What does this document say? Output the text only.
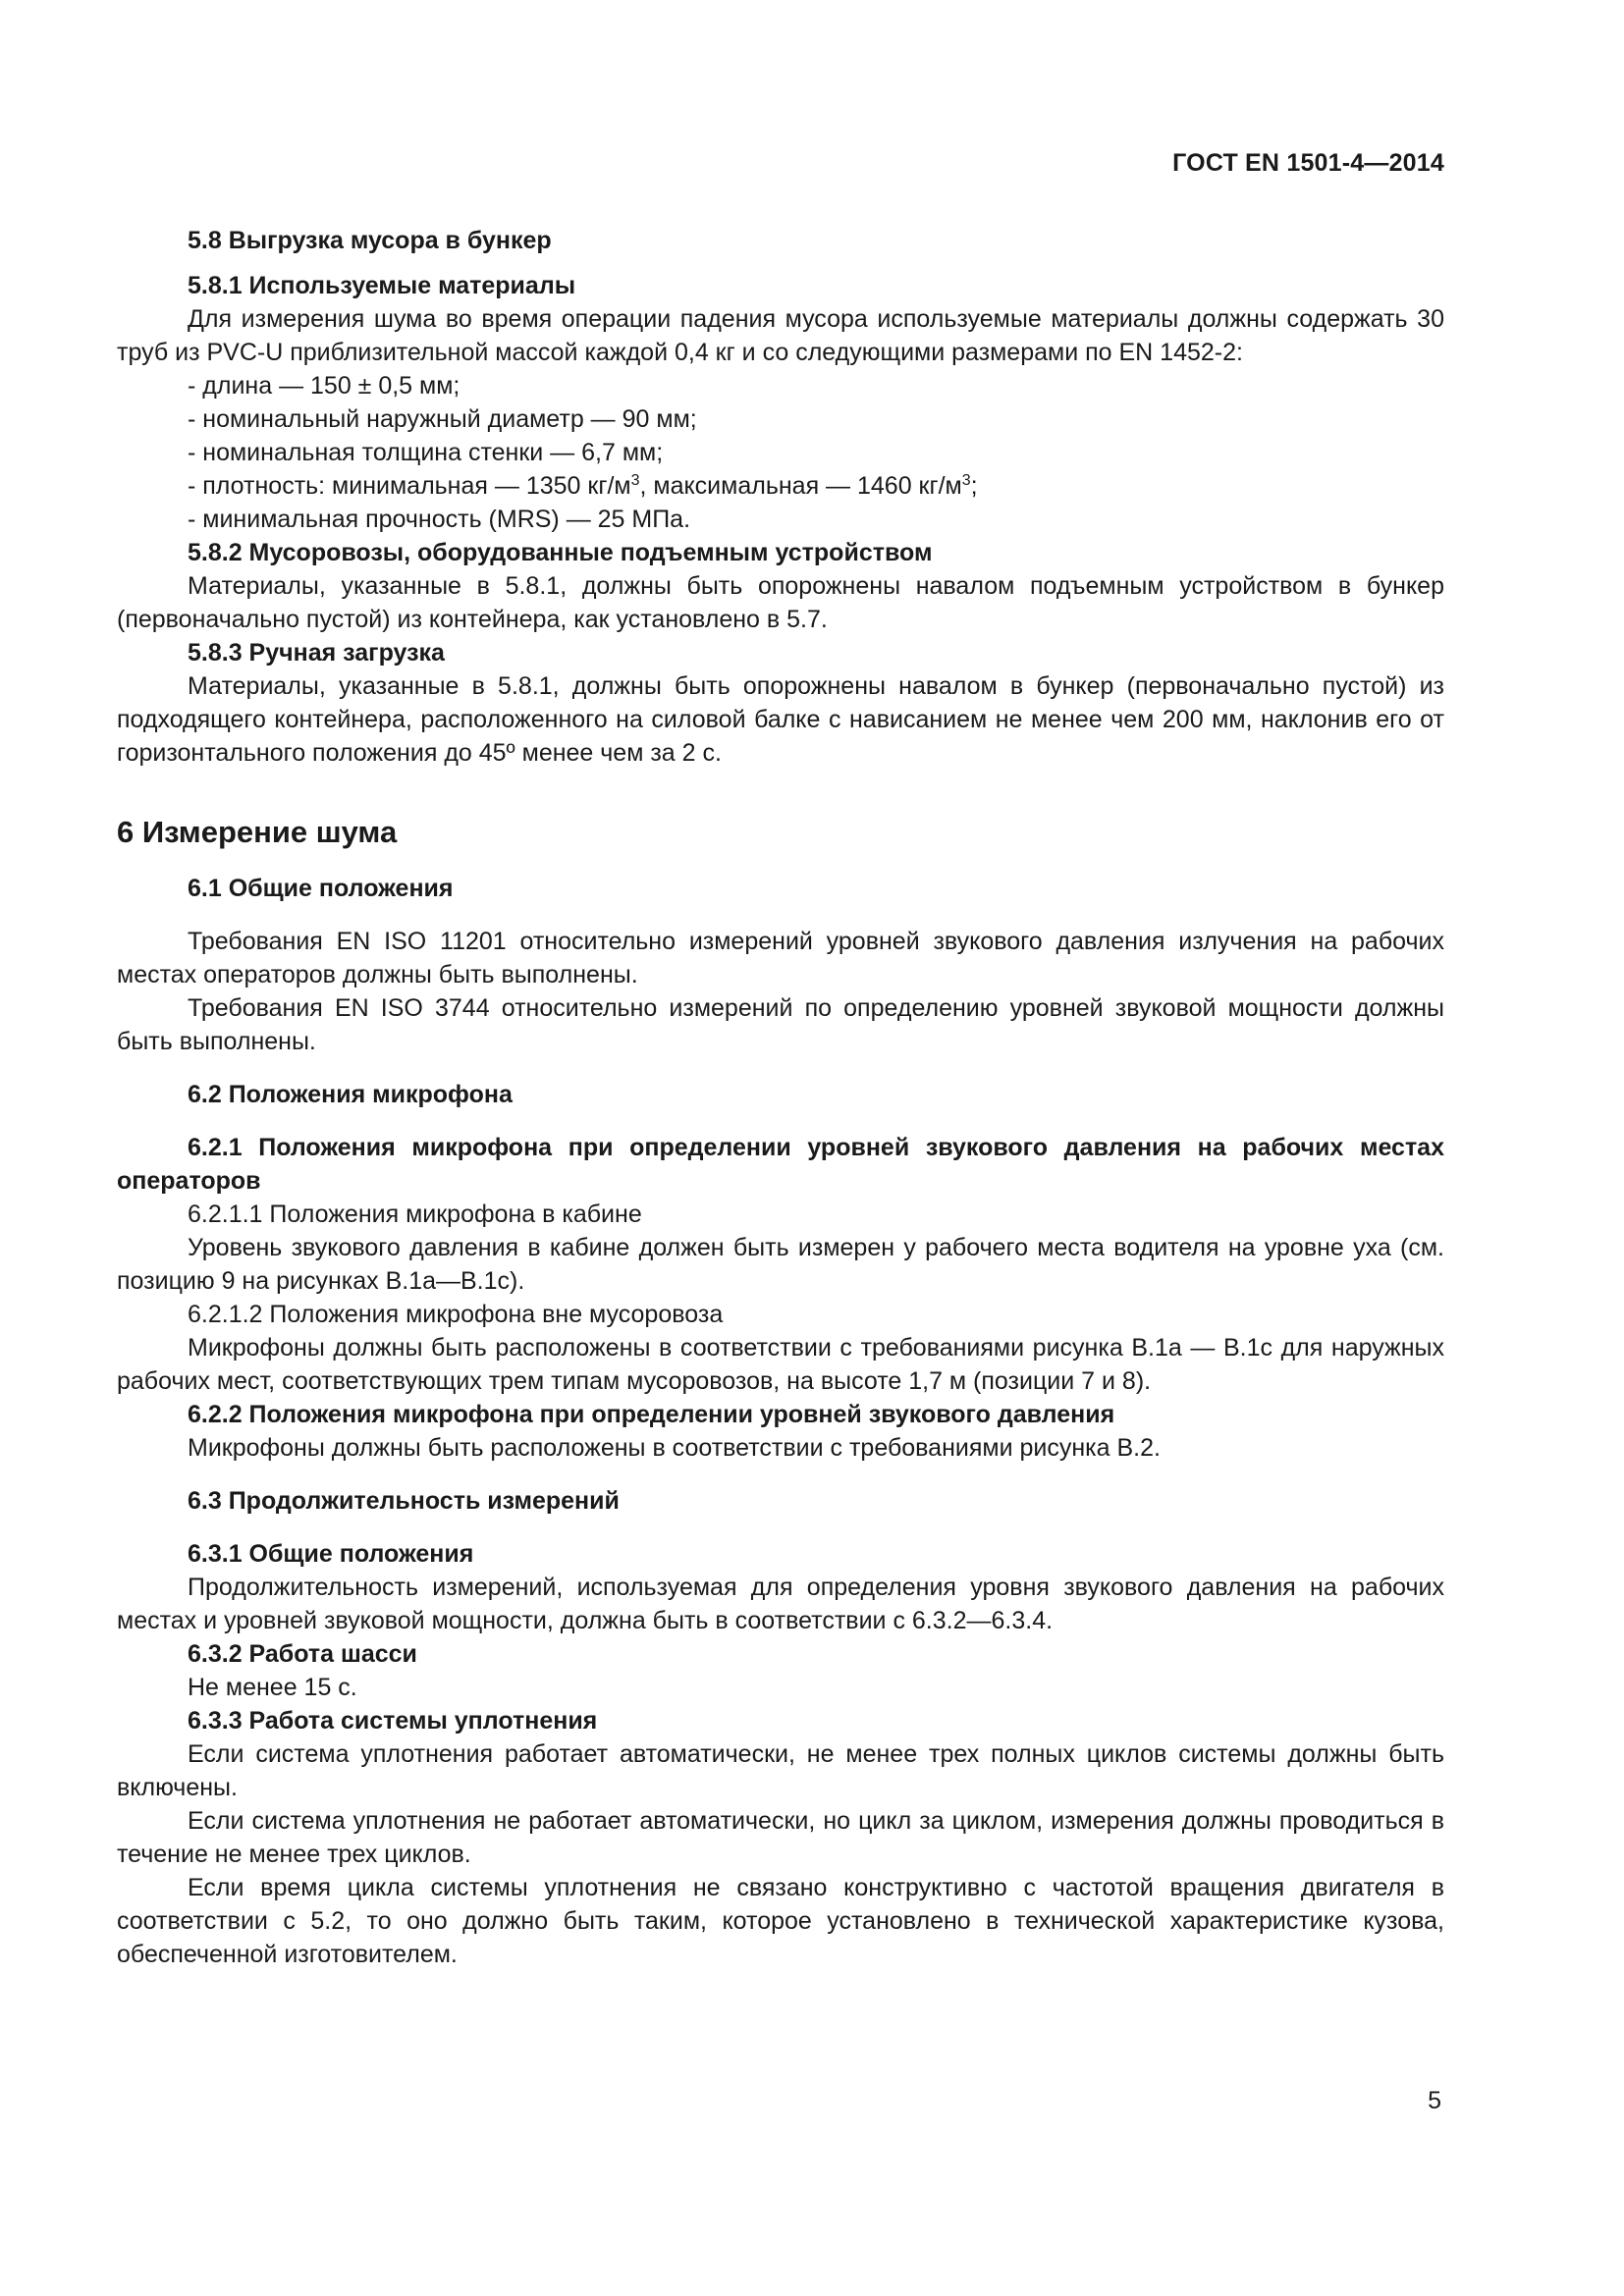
ГОСТ EN 1501-4—2014

5.8 Выгрузка мусора в бункер

5.8.1 Используемые материалы

Для измерения шума во время операции падения мусора используемые материалы должны содержать 30 труб из PVC-U приблизительной массой каждой 0,4 кг и со следующими размерами по EN 1452-2:

- длина — 150 ± 0,5 мм;

- номинальный наружный диаметр — 90 мм;

- номинальная толщина стенки — 6,7 мм;

- плотность: минимальная — 1350 $кг/м^3$, максимальная — 1460 $кг/м^3$;

- минимальная прочность (MRS) — 25 МПа.

5.8.2 Мусоровозы, оборудованные подъемным устройством

Материалы, указанные в 5.8.1, должны быть опорожнены навалом подъемным устройством в бункер (первоначально пустой) из контейнера, как установлено в 5.7.

5.8.3 Ручная загрузка

Материалы, указанные в 5.8.1, должны быть опорожнены навалом в бункер (первоначально пустой) из подходящего контейнера, расположенного на силовой балке с нависанием не менее чем 200 мм, наклонив его от горизонтального положения до 45º менее чем за 2 с.

6 Измерение шума

6.1 Общие положения

Требования EN ISO 11201 относительно измерений уровней звукового давления излучения на рабочих местах операторов должны быть выполнены.

Требования EN ISO 3744 относительно измерений по определению уровней звуковой мощности должны быть выполнены.

6.2 Положения микрофона

6.2.1 Положения микрофона при определении уровней звукового давления на рабочих местах операторов

6.2.1.1 Положения микрофона в кабине

Уровень звукового давления в кабине должен быть измерен у рабочего места водителя на уровне уха (см. позицию 9 на рисунках В.1а—В.1с).

6.2.1.2 Положения микрофона вне мусоровоза

Микрофоны должны быть расположены в соответствии с требованиями рисунка В.1а — В.1с для наружных рабочих мест, соответствующих трем типам мусоровозов, на высоте 1,7 м (позиции 7 и 8).

6.2.2 Положения микрофона при определении уровней звукового давления

Микрофоны должны быть расположены в соответствии с требованиями рисунка В.2.

6.3 Продолжительность измерений

6.3.1 Общие положения

Продолжительность измерений, используемая для определения уровня звукового давления на рабочих местах и уровней звуковой мощности, должна быть в соответствии с 6.3.2—6.3.4.

6.3.2 Работа шасси

Не менее 15 с.

6.3.3 Работа системы уплотнения

Если система уплотнения работает автоматически, не менее трех полных циклов системы должны быть включены.

Если система уплотнения не работает автоматически, но цикл за циклом, измерения должны проводиться в течение не менее трех циклов.

Если время цикла системы уплотнения не связано конструктивно с частотой вращения двигателя в соответствии с 5.2, то оно должно быть таким, которое установлено в технической характеристике кузова, обеспеченной изготовителем.

5
